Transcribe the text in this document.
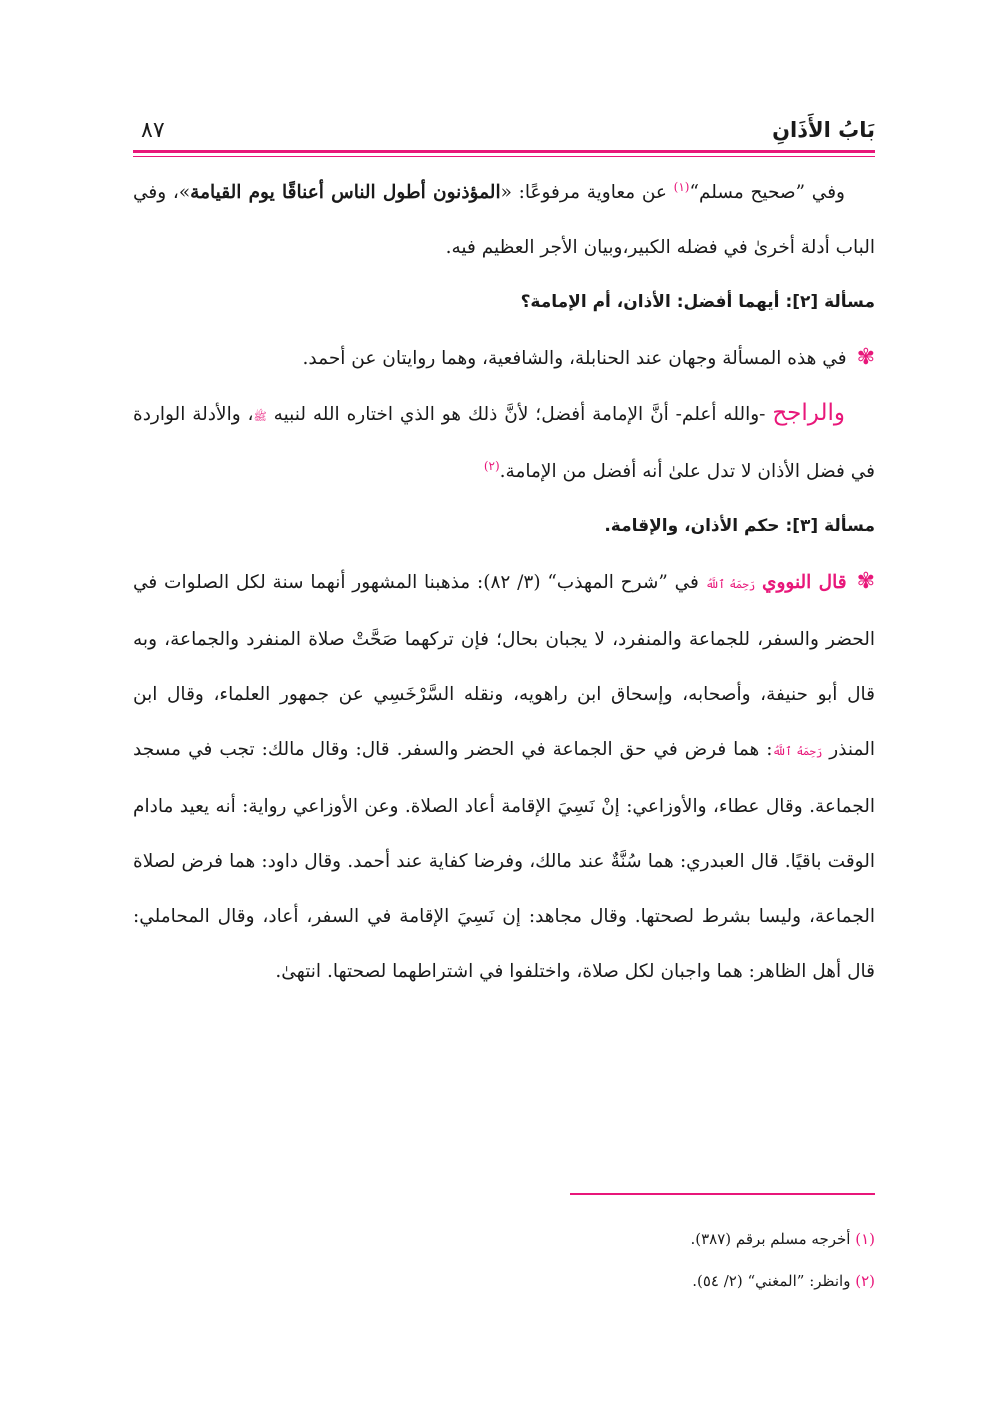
بَابُ الأَذَانِ
٨٧

وفي ”صحيح مسلم“$^{(١)}$ عن معاوية مرفوعًا: «المؤذنون أطول الناس أعناقًا يوم القيامة»، وفي الباب أدلة أخرىٰ في فضله الكبير،وبيان الأجر العظيم فيه.

مسألة [٢]: أيهما أفضل: الأذان، أم الإمامة؟

✾في هذه المسألة وجهان عند الحنابلة، والشافعية، وهما روايتان عن أحمد.

والراجح -والله أعلم- أنَّ الإمامة أفضل؛ لأنَّ ذلك هو الذي اختاره الله لنبيه ﷺ، والأدلة الواردة في فضل الأذان لا تدل علىٰ أنه أفضل من الإمامة.$^{(٢)}$

مسألة [٣]: حكم الأذان، والإقامة.

✾قال النووي رَحِمَهُ ٱللَّهُ في ”شرح المهذب“ (٣/ ٨٢): مذهبنا المشهور أنهما سنة لكل الصلوات في الحضر والسفر، للجماعة والمنفرد، لا يجبان بحال؛ فإن تركهما صَحَّتْ صلاة المنفرد والجماعة، وبه قال أبو حنيفة، وأصحابه، وإسحاق ابن راهويه، ونقله السَّرْخَسِي عن جمهور العلماء، وقال ابن المنذر رَحِمَهُ ٱللَّهُ: هما فرض في حق الجماعة في الحضر والسفر. قال: وقال مالك: تجب في مسجد الجماعة. وقال عطاء، والأوزاعي: إنْ نَسِيَ الإقامة أعاد الصلاة. وعن الأوزاعي رواية: أنه يعيد مادام الوقت باقيًا. قال العبدري: هما سُنَّةٌ عند مالك، وفرضا كفاية عند أحمد. وقال داود: هما فرض لصلاة الجماعة، وليسا بشرط لصحتها. وقال مجاهد: إن نَسِيَ الإقامة في السفر، أعاد، وقال المحاملي: قال أهل الظاهر: هما واجبان لكل صلاة، واختلفوا في اشتراطهما لصحتها. انتهىٰ.

(١) أخرجه مسلم برقم (٣٨٧).
(٢) وانظر: ”المغني“ (٢/ ٥٤).
